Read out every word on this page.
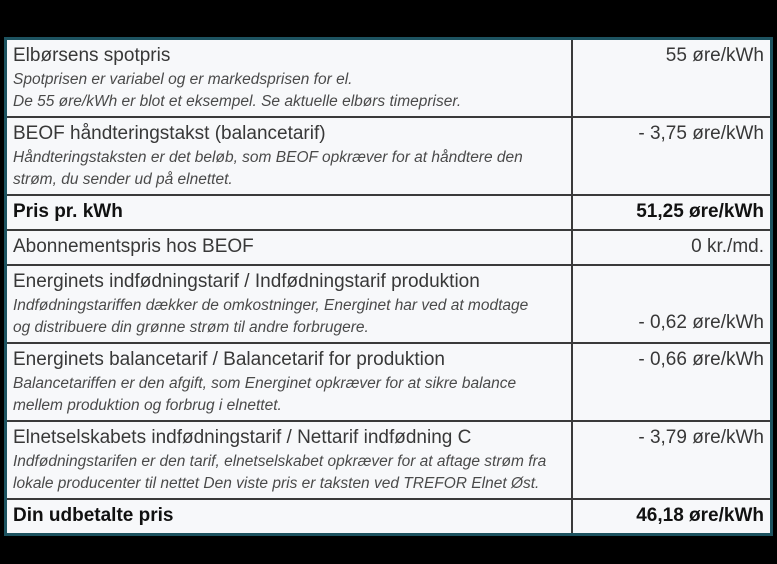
Elbørsens spotpris
Spotprisen er variabel og er markedsprisen for el.
De 55 øre/kWh er blot et eksempel. Se aktuelle elbørs timepriser.	55 øre/kWh

BEOF håndteringstakst (balancetarif)
Håndteringstaksten er det beløb, som BEOF opkræver for at håndtere den
strøm, du sender ud på elnettet.	- 3,75 øre/kWh

Pris pr. kWh	51,25 øre/kWh

Abonnementspris hos BEOF	0 kr./md.

Energinets indfødningstarif / Indfødningstarif produktion
Indfødningstariffen dækker de omkostninger, Energinet har ved at modtage
og distribuere din grønne strøm til andre forbrugere.	- 0,62 øre/kWh

Energinets balancetarif / Balancetarif for produktion
Balancetariffen er den afgift, som Energinet opkræver for at sikre balance
mellem produktion og forbrug i elnettet.	- 0,66 øre/kWh

Elnetselskabets indfødningstarif / Nettarif indfødning C
Indfødningstarifen er den tarif, elnetselskabet opkræver for at aftage strøm fra
lokale producenter til nettet Den viste pris er taksten ved TREFOR Elnet Øst.	- 3,79 øre/kWh

Din udbetalte pris	46,18 øre/kWh
